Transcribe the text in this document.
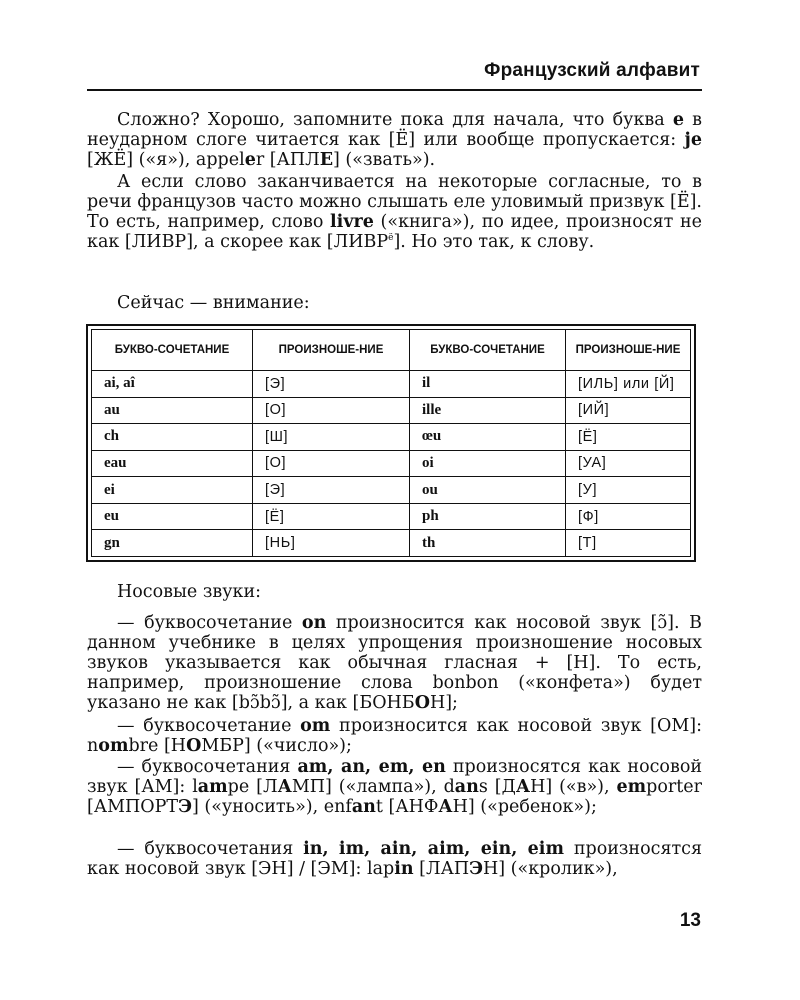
Французский алфавит

Сложно? Хорошо, запомните пока для начала, что буква e в неударном слоге читается как [Ё] или вообще пропускается: je [ЖЁ] («я»), appeler [АПЛЕ] («звать»).

А если слово заканчивается на некоторые согласные, то в речи французов часто можно слышать еле уловимый призвук [Ё]. То есть, например, слово livre («книга»), по идее, произносят не как [ЛИВР], а скорее как $[ЛИВР^ё]$. Но это так, к слову.

Сейчас — внимание:

БУКВО-СОЧЕТАНИЕ	ПРОИЗНОШЕ-НИЕ	БУКВО-СОЧЕТАНИЕ	ПРОИЗНОШЕ-НИЕ
ai, aî	[Э]	il	[ИЛЬ] или [Й]
au	[О]	ille	[ИЙ]
ch	[Ш]	œu	[Ё]
eau	[О]	oi	[УА]
ei	[Э]	ou	[У]
eu	[Ё]	ph	[Ф]
gn	[НЬ]	th	[Т]

Носовые звуки:

— буквосочетание on произносится как носовой звук [ɔ̃]. В данном учебнике в целях упрощения произношение носовых звуков указывается как обычная гласная + [Н]. То есть, например, произношение слова bonbon («конфета») будет указано не как [bɔ̃bɔ̃], а как [БОНБОН];

— буквосочетание om произносится как носовой звук [ОМ]: nombre [НОМБР] («число»);

— буквосочетания am, an, em, en произносятся как носовой звук [АМ]: lampe [ЛАМП] («лампа»), dans [ДАН] («в»), emporter [АМПОРТЭ] («уносить»), enfant [АНФАН] («ребенок»);

— буквосочетания in, im, ain, aim, ein, eim произносятся как носовой звук [ЭН] / [ЭМ]: lapin [ЛАПЭН] («кролик»),

13
